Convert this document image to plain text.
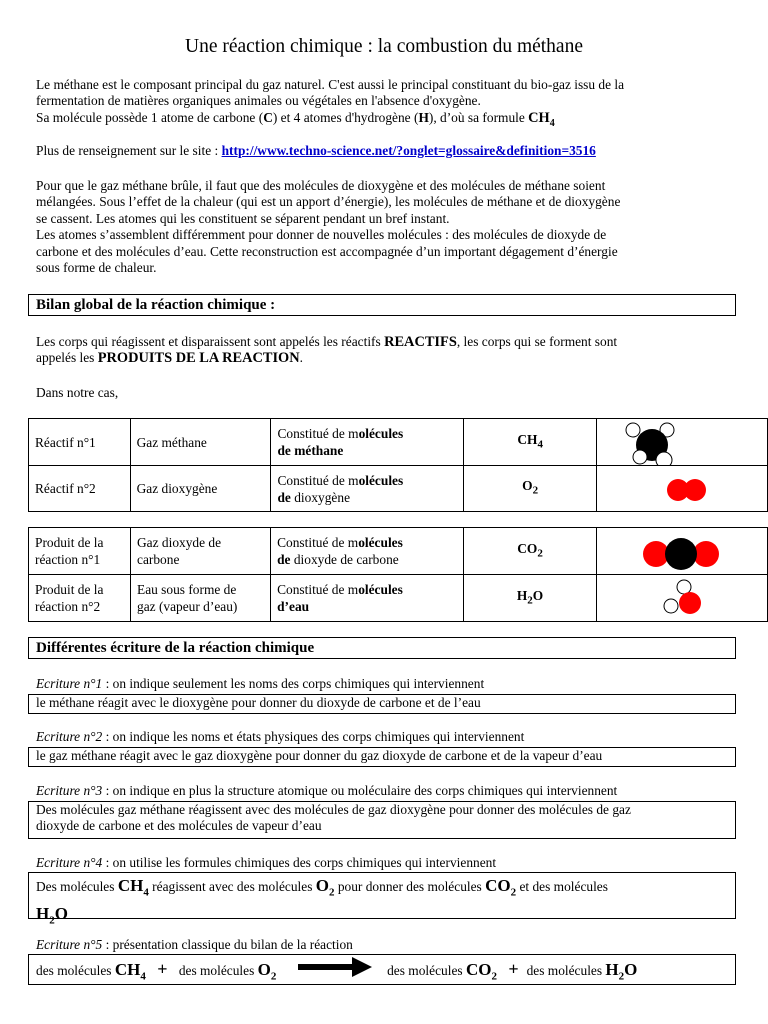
Une réaction chimique : la combustion du méthane

Le méthane est le composant principal du gaz naturel. C'est aussi le principal constituant du bio-gaz issu de la

fermentation de matières organiques animales ou végétales en l'absence d'oxygène.

Sa molécule possède 1 atome de carbone (C) et 4 atomes d'hydrogène (H), d’où sa formule $CH_4$

Plus de renseignement sur le site : http://www.techno-science.net/?onglet=glossaire&definition=3516

Pour que le gaz méthane brûle, il faut que des molécules de dioxygène et des molécules de méthane soient

mélangées. Sous l’effet de la chaleur (qui est un apport d’énergie), les molécules de méthane et de dioxygène

se cassent. Les atomes qui les constituent se séparent pendant un bref instant.

Les atomes s’assemblent différemment pour donner de nouvelles molécules : des molécules de dioxyde de

carbone et des molécules d’eau. Cette reconstruction est accompagnée d’un important dégagement d’énergie

sous forme de chaleur.

Bilan global de la réaction chimique :

Les corps qui réagissent et disparaissent sont appelés les réactifs REACTIFS, les corps qui se forment sont

appelés les PRODUITS DE LA REACTION.

Dans notre cas,
Réactif n°1	Gaz méthane	Constitué de molécules
de méthane	$CH_4$	

Réactif n°2	Gaz dioxygène	Constitué de molécules
de dioxygène	$O_2$	
Produit de la
réaction n°1	Gaz dioxyde de
carbone	Constitué de molécules
de dioxyde de carbone	$CO_2$	

Produit de la
réaction n°2	Eau sous forme de
gaz (vapeur d’eau)	Constitué de molécules
d’eau	$H_2O$	
Différentes écriture de la réaction chimique
Ecriture n°1 : on indique seulement les noms des corps chimiques qui interviennent
le méthane réagit avec le dioxygène pour donner du dioxyde de carbone et de l’eau
Ecriture n°2 : on indique les noms et états physiques des corps chimiques qui interviennent
le gaz méthane réagit avec le gaz dioxygène pour donner du gaz dioxyde de carbone et de la vapeur d’eau
Ecriture n°3 : on indique en plus la structure atomique ou moléculaire des corps chimiques qui interviennent
Des molécules gaz méthane réagissent avec des molécules de gaz dioxygène pour donner des molécules de gaz
dioxyde de carbone et des molécules de vapeur d’eau
Ecriture n°4 : on utilise les formules chimiques des corps chimiques qui interviennent
Des molécules $CH_4$ réagissent avec des molécules $O_2$ pour donner des molécules $CO_2$ et des molécules
$H_2O$
Ecriture n°5 : présentation classique du bilan de la réaction
des molécules $CH_4$ + des molécules $O_2$	des molécules $CO_2$ + des molécules $H_2O$
